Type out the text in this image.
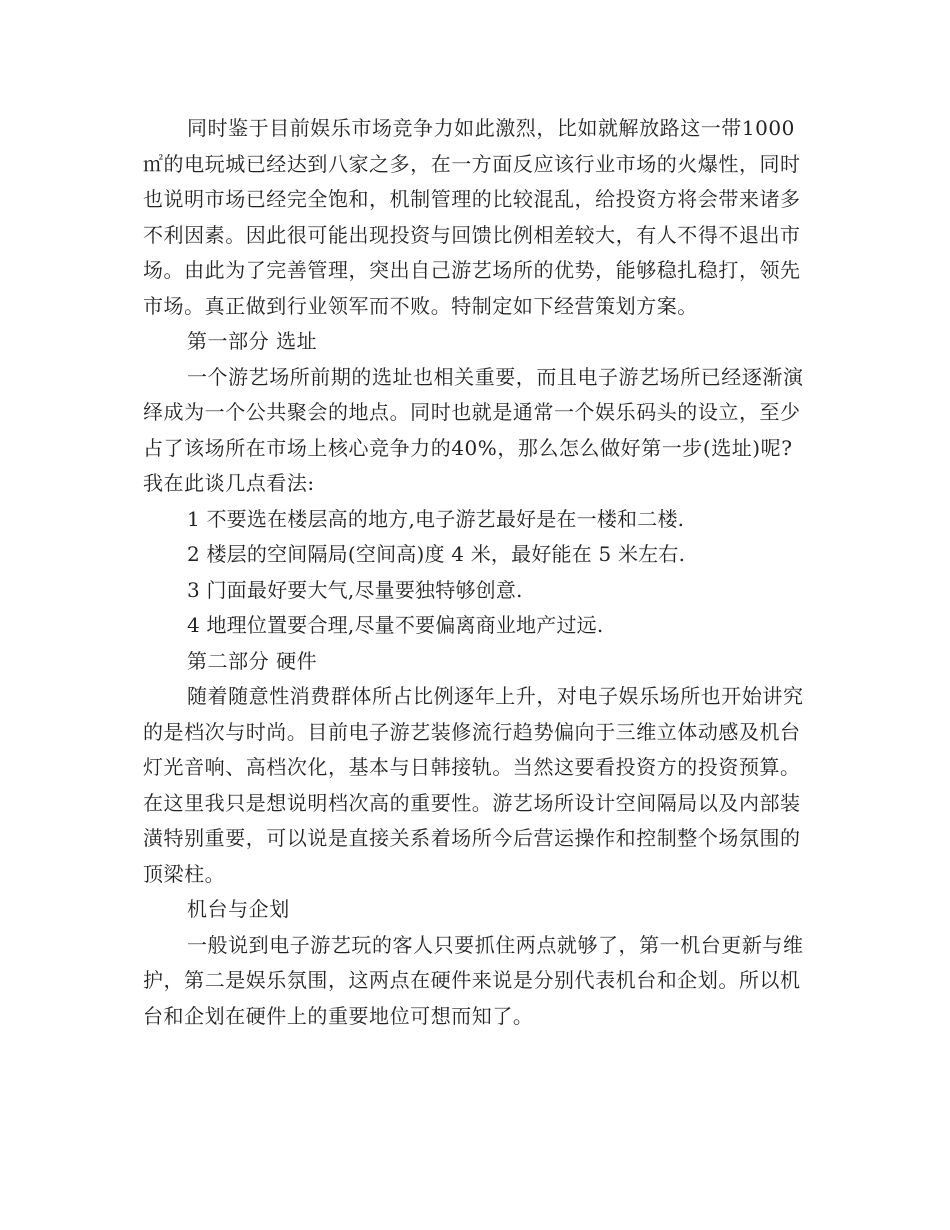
同时鉴于目前娱乐市场竞争力如此激烈，比如就解放路这一带1000㎡的电玩城已经达到八家之多，在一方面反应该行业市场的火爆性，同时也说明市场已经完全饱和，机制管理的比较混乱，给投资方将会带来诸多不利因素。因此很可能出现投资与回馈比例相差较大，有人不得不退出市场。由此为了完善管理，突出自己游艺场所的优势，能够稳扎稳打，领先市场。真正做到行业领军而不败。特制定如下经营策划方案。

第一部分 选址

一个游艺场所前期的选址也相关重要，而且电子游艺场所已经逐渐演绎成为一个公共聚会的地点。同时也就是通常一个娱乐码头的设立，至少占了该场所在市场上核心竞争力的40%，那么怎么做好第一步(选址)呢?我在此谈几点看法:

1 不要选在楼层高的地方,电子游艺最好是在一楼和二楼.

2 楼层的空间隔局(空间高)度 4 米，最好能在 5 米左右.

3 门面最好要大气,尽量要独特够创意.

4 地理位置要合理,尽量不要偏离商业地产过远.

第二部分 硬件

随着随意性消费群体所占比例逐年上升，对电子娱乐场所也开始讲究的是档次与时尚。目前电子游艺装修流行趋势偏向于三维立体动感及机台灯光音响、高档次化，基本与日韩接轨。当然这要看投资方的投资预算。在这里我只是想说明档次高的重要性。游艺场所设计空间隔局以及内部装潢特别重要，可以说是直接关系着场所今后营运操作和控制整个场氛围的顶梁柱。

机台与企划

一般说到电子游艺玩的客人只要抓住两点就够了，第一机台更新与维护，第二是娱乐氛围，这两点在硬件来说是分别代表机台和企划。所以机台和企划在硬件上的重要地位可想而知了。
